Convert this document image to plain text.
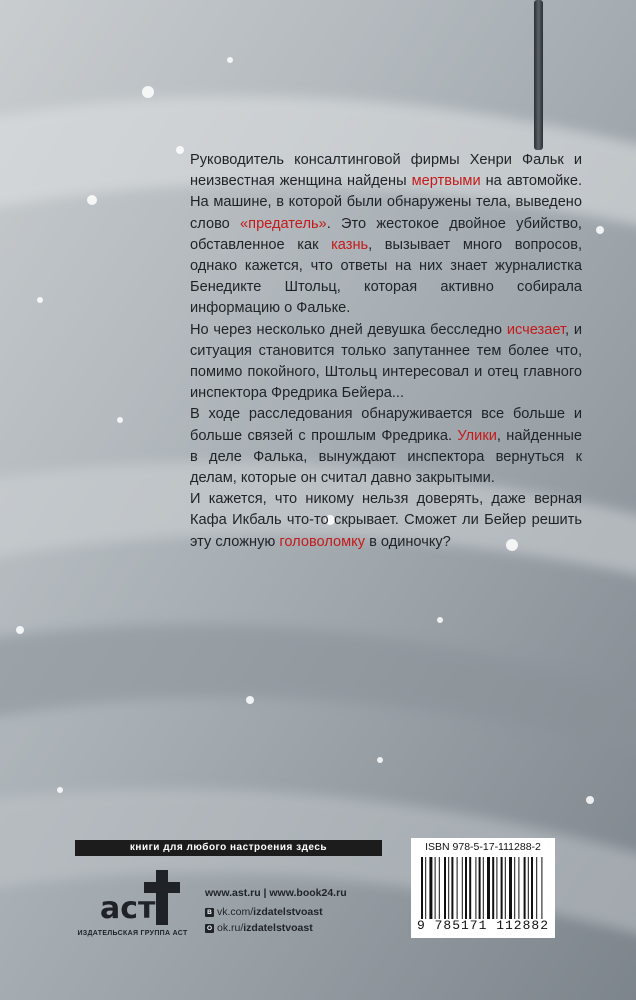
Руководитель консалтинговой фирмы Хенри Фальк и неизвестная женщина найдены мертвыми на автомойке. На машине, в которой были обнаружены тела, выведено слово «предатель». Это жестокое двойное убийство, обставленное как казнь, вызывает много вопросов, однако кажется, что ответы на них знает журналистка Бенедикте Штольц, которая активно собирала информацию о Фальке.

Но через несколько дней девушка бесследно исчезает, и ситуация становится только запутаннее тем более что, помимо покойного, Штольц интересовал и отец главного инспектора Фредрика Бейера...

В ходе расследования обнаруживается все больше и больше связей с прошлым Фредрика. Улики, найденные в деле Фалька, вынуждают инспектора вернуться к делам, которые он считал давно закрытыми.

И кажется, что никому нельзя доверять, даже верная Кафа Икбаль что-то скрывает. Сможет ли Бейер решить эту сложную головоломку в одиночку?

книги для любого настроения здесь
аст
ИЗДАТЕЛЬСКАЯ ГРУППА АСТ
www.ast.ru | www.book24.ru
B vk.com/ izdatelstvoast
O ok.ru/ izdatelstvoast
ISBN 978-5-17-111288-2
9 785171 112882
